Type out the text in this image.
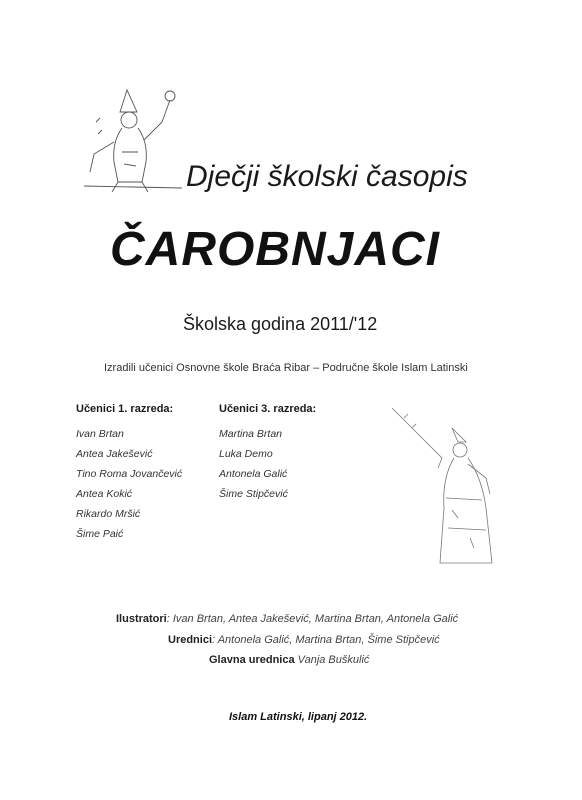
Dječji školski časopis
ČAROBNJACI
Školska godina 2011/'12
Izradili učenici Osnovne škole Braća Ribar – Područne škole Islam Latinski
Učenici 1. razreda:
Ivan Brtan
Antea Jakešević
Tino Roma Jovančević
Antea Kokić
Rikardo Mršić
Šime Paić
Učenici 3. razreda:
Martina Brtan
Luka Demo
Antonela Galić
Šime Stipčević
Ilustratori: Ivan Brtan, Antea Jakešević, Martina Brtan, Antonela Galić
Urednici: Antonela Galić, Martina Brtan, Šime Stipčević
Glavna urednica Vanja Buškulić
Islam Latinski, lipanj 2012.
